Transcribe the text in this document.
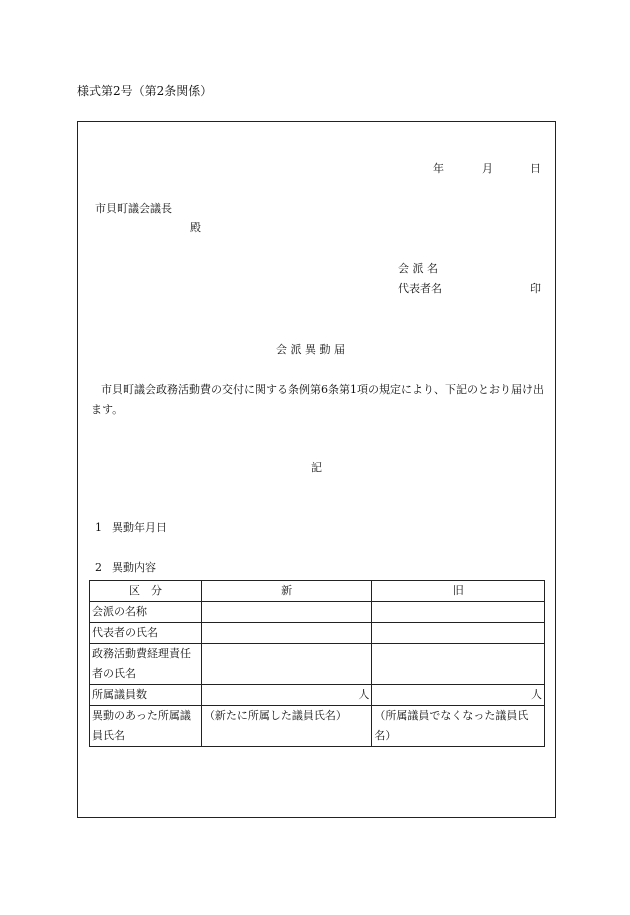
様式第2号（第2条関係）
年	月	日
市貝町議会議長
殿
会 派 名
代表者名	印
会 派 異 動 届
市貝町議会政務活動費の交付に関する条例第6条第1項の規定により、下記のとおり届け出ます。
記
1 異動年月日
2 異動内容
区　分	新	旧
会派の名称		
代表者の氏名		

政務活動費経理責任
者の氏名		

所属議員数	人	人

異動のあった所属議
員氏名	（新たに所属した議員氏名）	（所属議員でなくなった議員氏名）
